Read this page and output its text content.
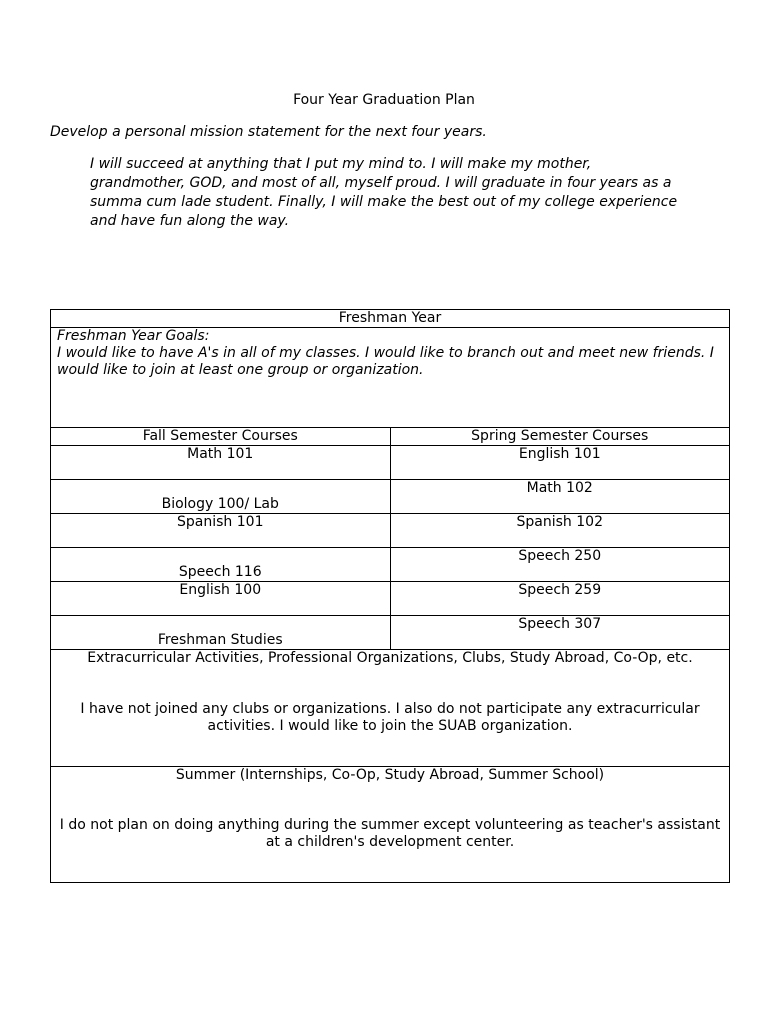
Four Year Graduation Plan
Develop a personal mission statement for the next four years.
I will succeed at anything that I put my mind to. I will make my mother, grandmother, GOD, and most of all, myself proud. I will graduate in four years as a summa cum lade student. Finally, I will make the best out of my college experience and have fun along the way.
Freshman Year	

Freshman Year Goals:
I would like to have A's in all of my classes. I would like to branch out and meet new friends. I would like to join at least one group or organization.	

Fall Semester Courses	Spring Semester Courses
Math 101	English 101
Biology 100/ Lab	Math 102
Spanish 101	Spanish 102
Speech 116	Speech 250
English 100	Speech 259
Freshman Studies	Speech 307

Extracurricular Activities, Professional Organizations, Clubs, Study Abroad, Co-Op, etc.
I have not joined any clubs or organizations. I also do not participate any extracurricular activities. I would like to join the SUAB organization.	

Summer (Internships, Co-Op, Study Abroad, Summer School)
I do not plan on doing anything during the summer except volunteering as teacher's assistant at a children's development center.	
